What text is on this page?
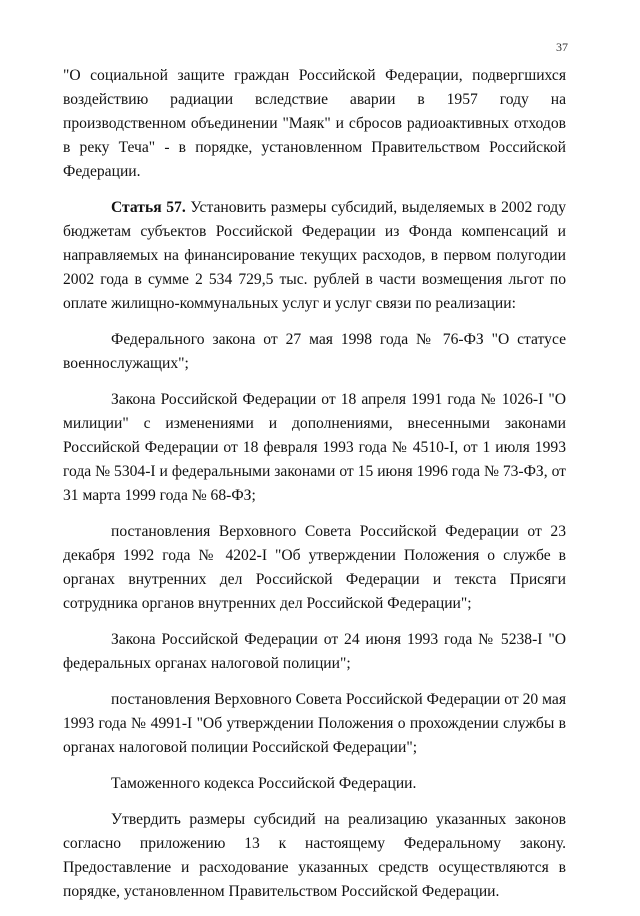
37

"О социальной защите граждан Российской Федерации, подвергшихся воздействию радиации вследствие аварии в 1957 году на производственном объединении "Маяк" и сбросов радиоактивных отходов в реку Теча" - в порядке, установленном Правительством Российской Федерации.

Статья 57. Установить размеры субсидий, выделяемых в 2002 году бюджетам субъектов Российской Федерации из Фонда компенсаций и направляемых на финансирование текущих расходов, в первом полугодии 2002 года в сумме 2 534 729,5 тыс. рублей в части возмещения льгот по оплате жилищно-коммунальных услуг и услуг связи по реализации:

Федерального закона от 27 мая 1998 года № 76-ФЗ "О статусе военнослужащих";

Закона Российской Федерации от 18 апреля 1991 года № 1026-I "О милиции" с изменениями и дополнениями, внесенными законами Российской Федерации от 18 февраля 1993 года № 4510-I, от 1 июля 1993 года № 5304-I и федеральными законами от 15 июня 1996 года № 73-ФЗ, от 31 марта 1999 года № 68-ФЗ;

постановления Верховного Совета Российской Федерации от 23 декабря 1992 года № 4202-I "Об утверждении Положения о службе в органах внутренних дел Российской Федерации и текста Присяги сотрудника органов внутренних дел Российской Федерации";

Закона Российской Федерации от 24 июня 1993 года № 5238-I "О федеральных органах налоговой полиции";

постановления Верховного Совета Российской Федерации от 20 мая 1993 года № 4991-I "Об утверждении Положения о прохождении службы в органах налоговой полиции Российской Федерации";

Таможенного кодекса Российской Федерации.

Утвердить размеры субсидий на реализацию указанных законов согласно приложению 13 к настоящему Федеральному закону. Предоставление и расходование указанных средств осуществляются в порядке, установленном Правительством Российской Федерации.
